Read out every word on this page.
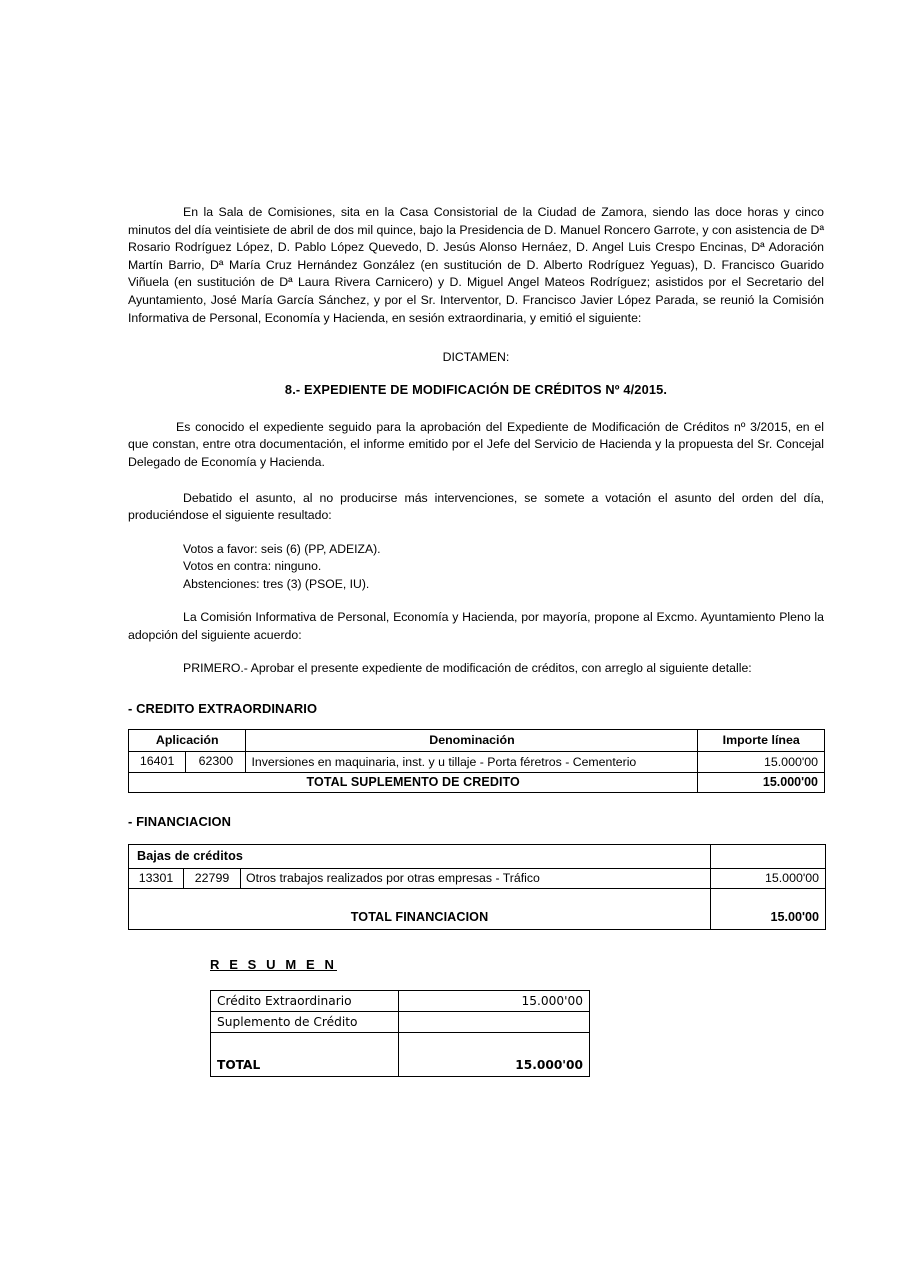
En la Sala de Comisiones, sita en la Casa Consistorial de la Ciudad de Zamora, siendo las doce horas y cinco minutos del día veintisiete de abril de dos mil quince, bajo la Presidencia de D. Manuel Roncero Garrote, y con asistencia de Dª Rosario Rodríguez López, D. Pablo López Quevedo, D. Jesús Alonso Hernáez, D. Angel Luis Crespo Encinas, Dª Adoración Martín Barrio, Dª María Cruz Hernández González (en sustitución de D. Alberto Rodríguez Yeguas), D. Francisco Guarido Viñuela (en sustitución de Dª Laura Rivera Carnicero) y D. Miguel Angel Mateos Rodríguez; asistidos por el Secretario del Ayuntamiento, José María García Sánchez, y por el Sr. Interventor, D. Francisco Javier López Parada, se reunió la Comisión Informativa de Personal, Economía y Hacienda, en sesión extraordinaria, y emitió el siguiente:

DICTAMEN:

8.- EXPEDIENTE DE MODIFICACIÓN DE CRÉDITOS Nº 4/2015.

Es conocido el expediente seguido para la aprobación del Expediente de Modificación de Créditos nº 3/2015, en el que constan, entre otra documentación, el informe emitido por el Jefe del Servicio de Hacienda y la propuesta del Sr. Concejal Delegado de Economía y Hacienda.

Debatido el asunto, al no producirse más intervenciones, se somete a votación el asunto del orden del día, produciéndose el siguiente resultado:

Votos a favor: seis (6) (PP, ADEIZA).
Votos en contra: ninguno.
Abstenciones: tres (3) (PSOE, IU).

La Comisión Informativa de Personal, Economía y Hacienda, por mayoría, propone al Excmo. Ayuntamiento Pleno la adopción del siguiente acuerdo:

PRIMERO.- Aprobar el presente expediente de modificación de créditos, con arreglo al siguiente detalle:

- CREDITO EXTRAORDINARIO
Aplicación		Denominación	Importe línea
16401	62300	Inversiones en maquinaria, inst. y u tillaje - Porta féretros - Cementerio	15.000'00
TOTAL SUPLEMENTO DE CREDITO			15.000'00
- FINANCIACION
Bajas de créditos			
13301	22799	Otros trabajos realizados por otras empresas - Tráfico	15.000'00
TOTAL FINANCIACION			15.00'00
R E S U M E N
Crédito Extraordinario	15.000'00
Suplemento de Crédito	
TOTAL	15.000'00
